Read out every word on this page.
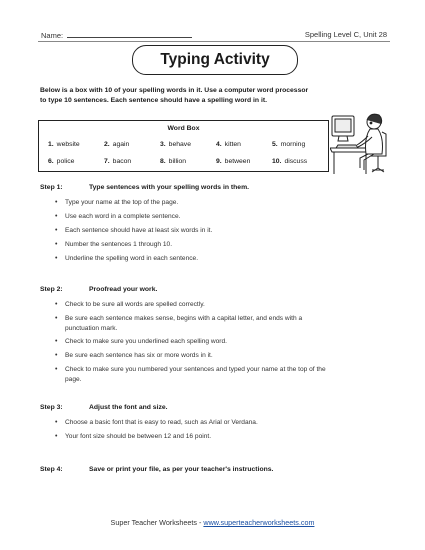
Name:	Spelling Level C, Unit 28
Typing Activity
Below is a box with 10 of your spelling words in it. Use a computer word processor to type 10 sentences. Each sentence should have a spelling word in it.
Word Box
1. website	2. again	3. behave	4. kitten	5. morning
6. police	7. bacon	8. billion	9. between	10. discuss
Step 1:	Type sentences with your spelling words in them.
• Type your name at the top of the page.
• Use each word in a complete sentence.
• Each sentence should have at least six words in it.
• Number the sentences 1 through 10.
• Underline the spelling word in each sentence.
Step 2:	Proofread your work.
• Check to be sure all words are spelled correctly.
• Be sure each sentence makes sense, begins with a capital letter, and ends with a punctuation mark.
• Check to make sure you underlined each spelling word.
• Be sure each sentence has six or more words in it.
• Check to make sure you numbered your sentences and typed your name at the top of the page.
Step 3:	Adjust the font and size.
• Choose a basic font that is easy to read, such as Arial or Verdana.
• Your font size should be between 12 and 16 point.
Step 4:	Save or print your file, as per your teacher's instructions.
Super Teacher Worksheets - www.superteacherworksheets.com
